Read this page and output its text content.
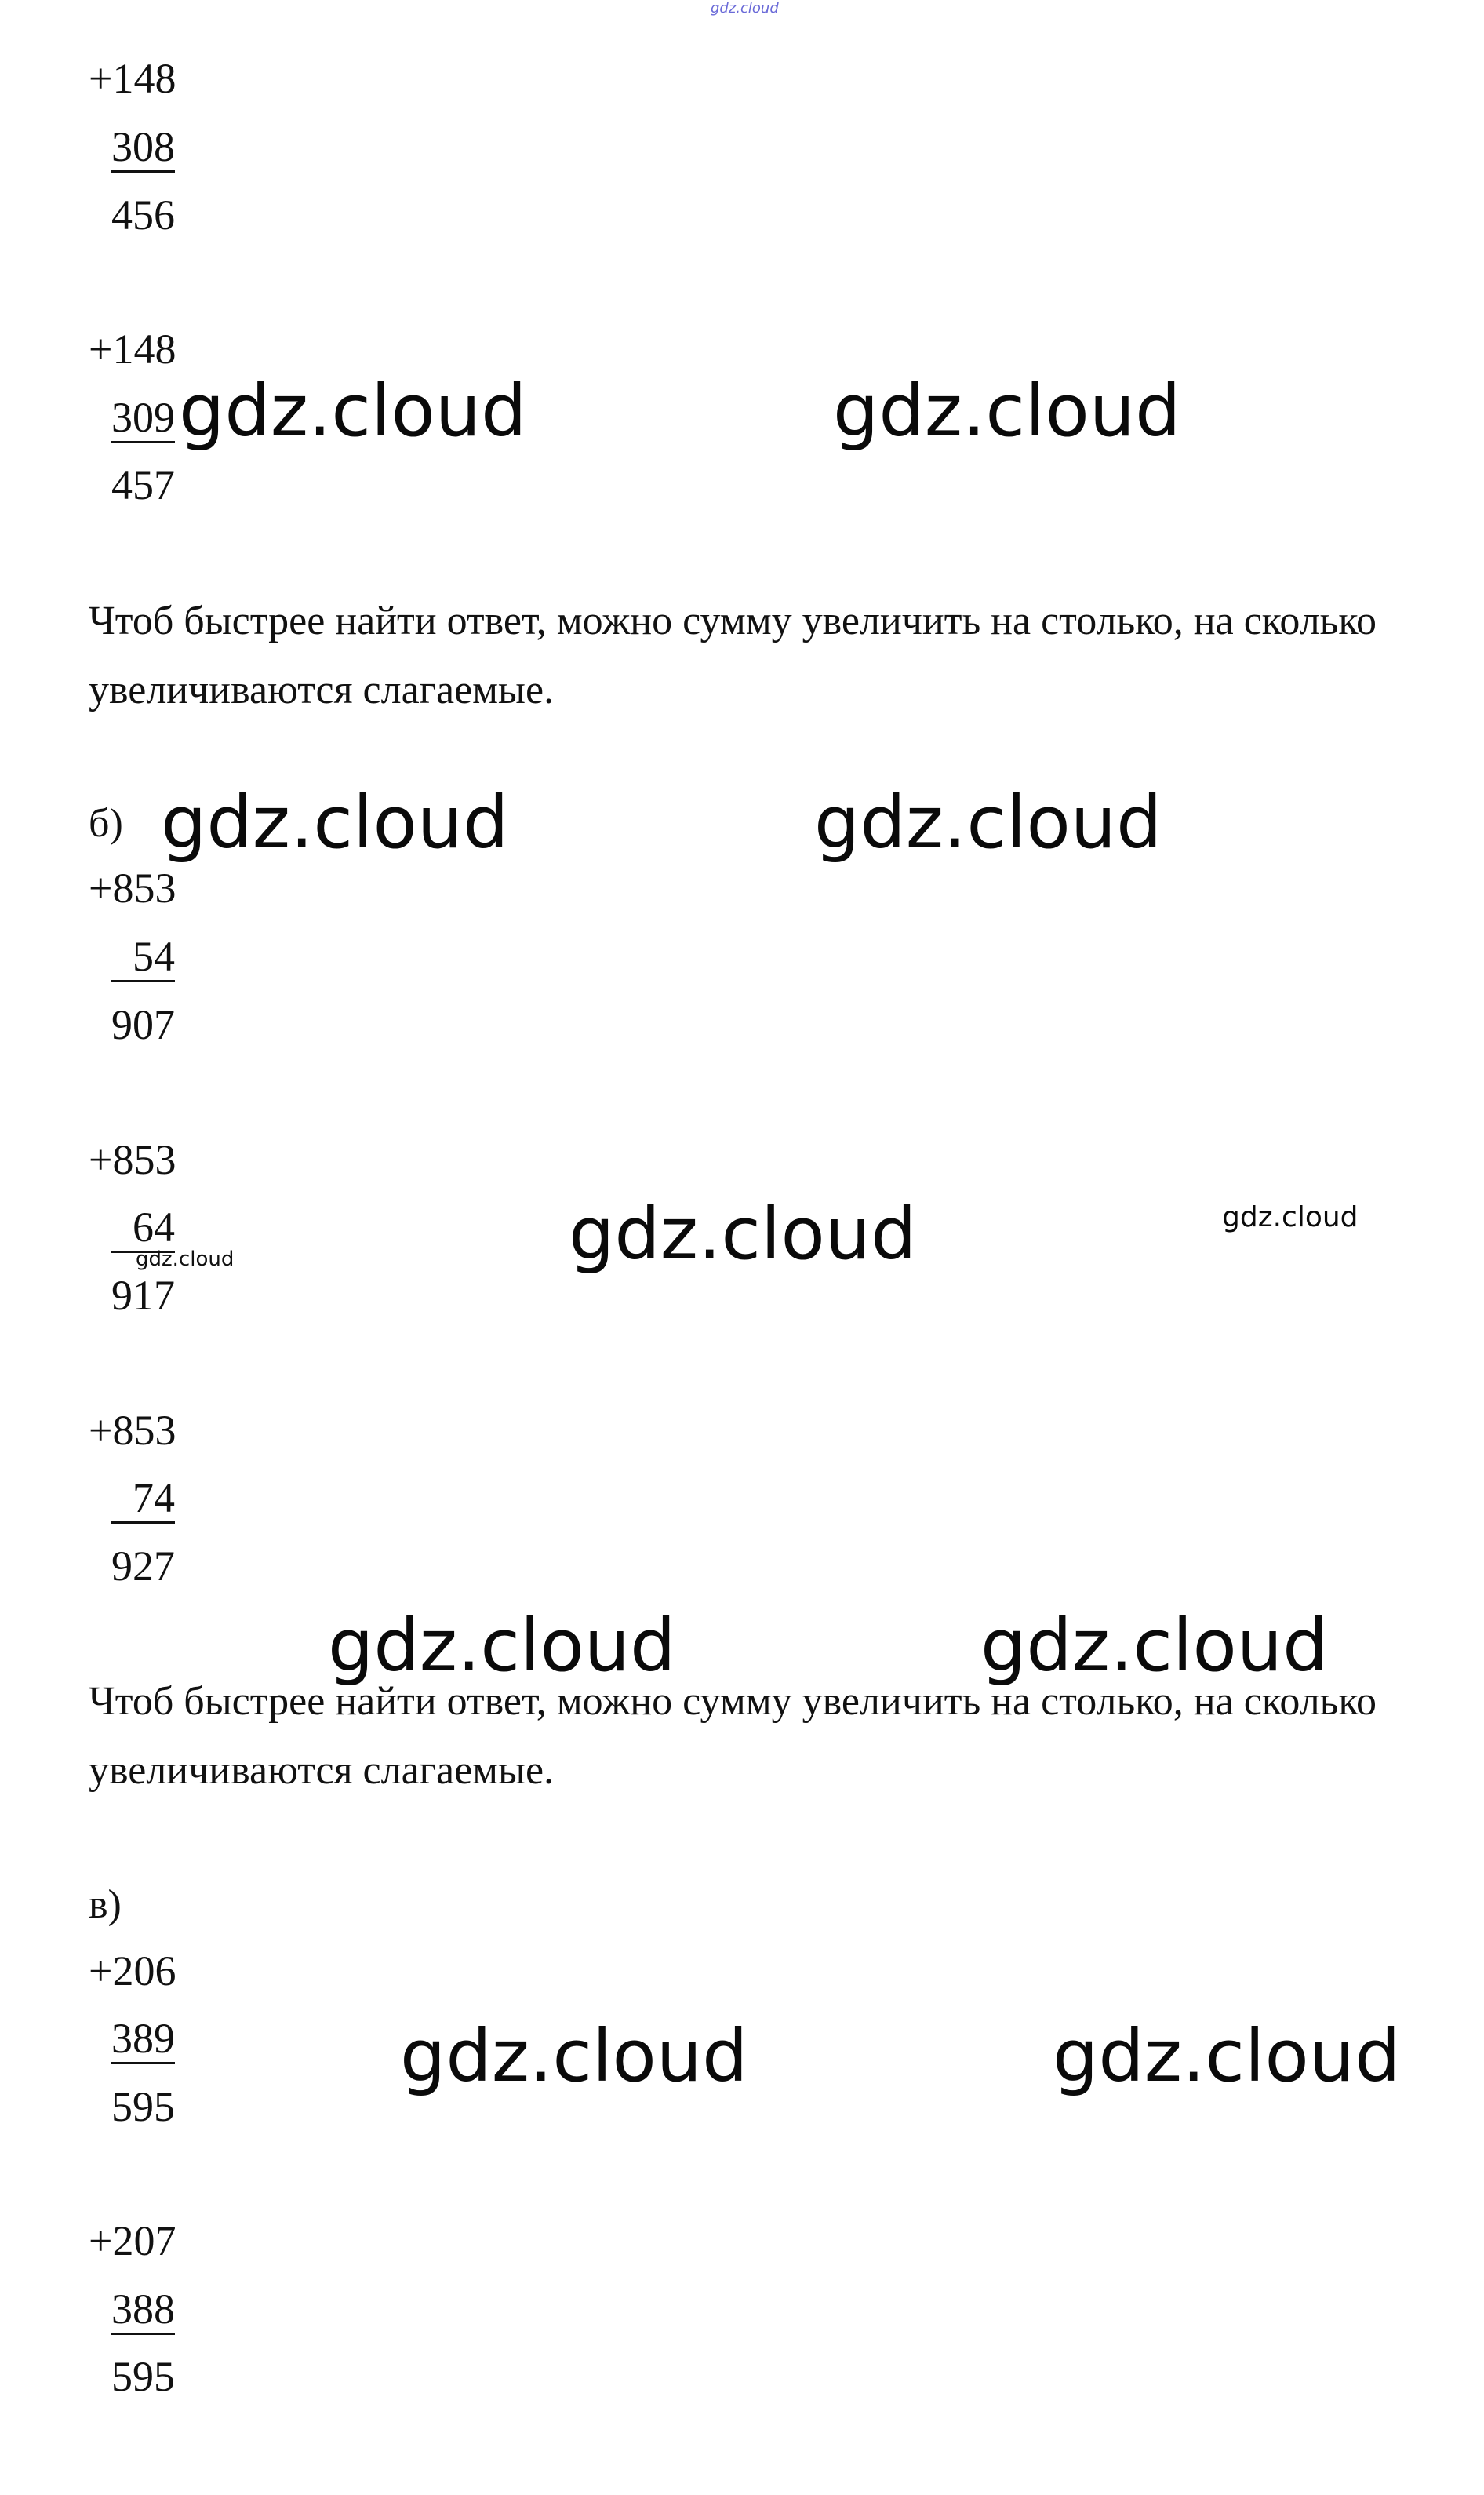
gdz.cloud
+148
308
456
+148
309
457
gdz.cloud	gdz.cloud
Чтоб быстрее найти ответ, можно сумму увеличить на столько, на сколько увеличиваются слагаемые.
б) gdz.cloud	gdz.cloud
+853
54
907
+853
64
917
gdz.cloud	gdz.cloud
gdz.cloud
+853
74
927
gdz.cloud	gdz.cloud
Чтоб быстрее найти ответ, можно сумму увеличить на столько, на сколько увеличиваются слагаемые.
в)
+206
389
595
gdz.cloud	gdz.cloud
+207
388
595
